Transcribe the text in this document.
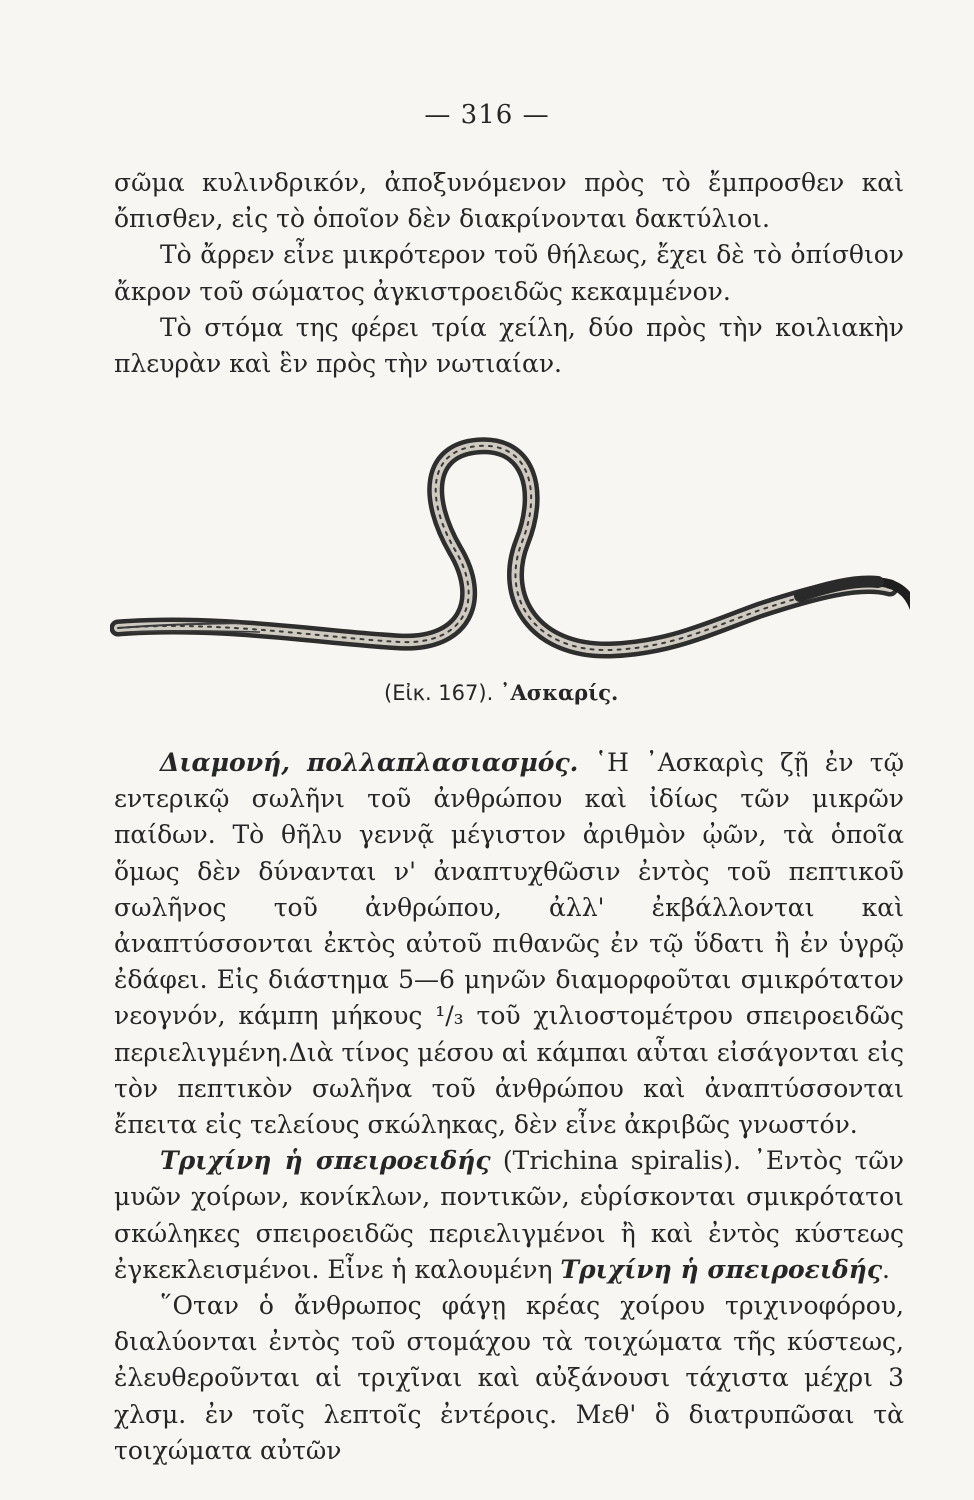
— 316 —

σῶμα κυλινδρικόν, ἀποξυνόμενον πρὸς τὸ ἔμπροσθεν καὶ ὄπισθεν, εἰς τὸ ὁποῖον δὲν διακρίνονται δακτύλιοι.

Τὸ ἄρρεν εἶνε μικρότερον τοῦ θήλεως, ἔχει δὲ τὸ ὀπίσθιον ἄκρον τοῦ σώματος ἀγκιστροειδῶς κεκαμμένον.

Τὸ στόμα της φέρει τρία χείλη, δύο πρὸς τὴν κοιλιακὴν πλευρὰν καὶ ἓν πρὸς τὴν νωτιαίαν.

(Εἰκ. 167). ᾿Ασκαρίς.

Διαμονή, πολλαπλασιασμός. ῾Η ᾿Ασκαρὶς ζῇ ἐν τῷ εντερικῷ σωλῆνι τοῦ ἀνθρώπου καὶ ἰδίως τῶν μικρῶν παίδων. Τὸ θῆλυ γεννᾷ μέγιστον ἀριθμὸν ᾠῶν, τὰ ὁποῖα ὅμως δὲν δύνανται ν' ἀναπτυχθῶσιν ἐντὸς τοῦ πεπτικοῦ σωλῆνος τοῦ ἀνθρώπου, ἀλλ' ἐκβάλλονται καὶ ἀναπτύσσονται ἐκτὸς αὐτοῦ πιθανῶς ἐν τῷ ὕδατι ἢ ἐν ὑγρῷ ἐδάφει. Εἰς διάστημα 5—6 μηνῶν διαμορφοῦται σμικρότατον νεογνόν, κάμπη μήκους ¹/₃ τοῦ χιλιοστομέτρου σπειροειδῶς περιελιγμένη.Διὰ τίνος μέσου αἱ κάμπαι αὗται εἰσάγονται εἰς τὸν πεπτικὸν σωλῆνα τοῦ ἀνθρώπου καὶ ἀναπτύσσονται ἔπειτα εἰς τελείους σκώληκας, δὲν εἶνε ἀκριβῶς γνωστόν.

Τριχίνη ἡ σπειροειδής (Trichina spiralis). ᾿Εντὸς τῶν μυῶν χοίρων, κονίκλων, ποντικῶν, εὑρίσκονται σμικρότατοι σκώληκες σπειροειδῶς περιελιγμένοι ἢ καὶ ἐντὸς κύστεως ἐγκεκλεισμένοι. Εἶνε ἡ καλουμένη Τριχίνη ἡ σπειροειδής.

῞Οταν ὁ ἄνθρωπος φάγῃ κρέας χοίρου τριχινοφόρου, διαλύονται ἐντὸς τοῦ στομάχου τὰ τοιχώματα τῆς κύστεως, ἐλευθεροῦνται αἱ τριχῖναι καὶ αὐξάνουσι τάχιστα μέχρι 3 χλσμ. ἐν τοῖς λεπτοῖς ἐντέροις. Μεθ' ὃ διατρυπῶσαι τὰ τοιχώματα αὐτῶν
